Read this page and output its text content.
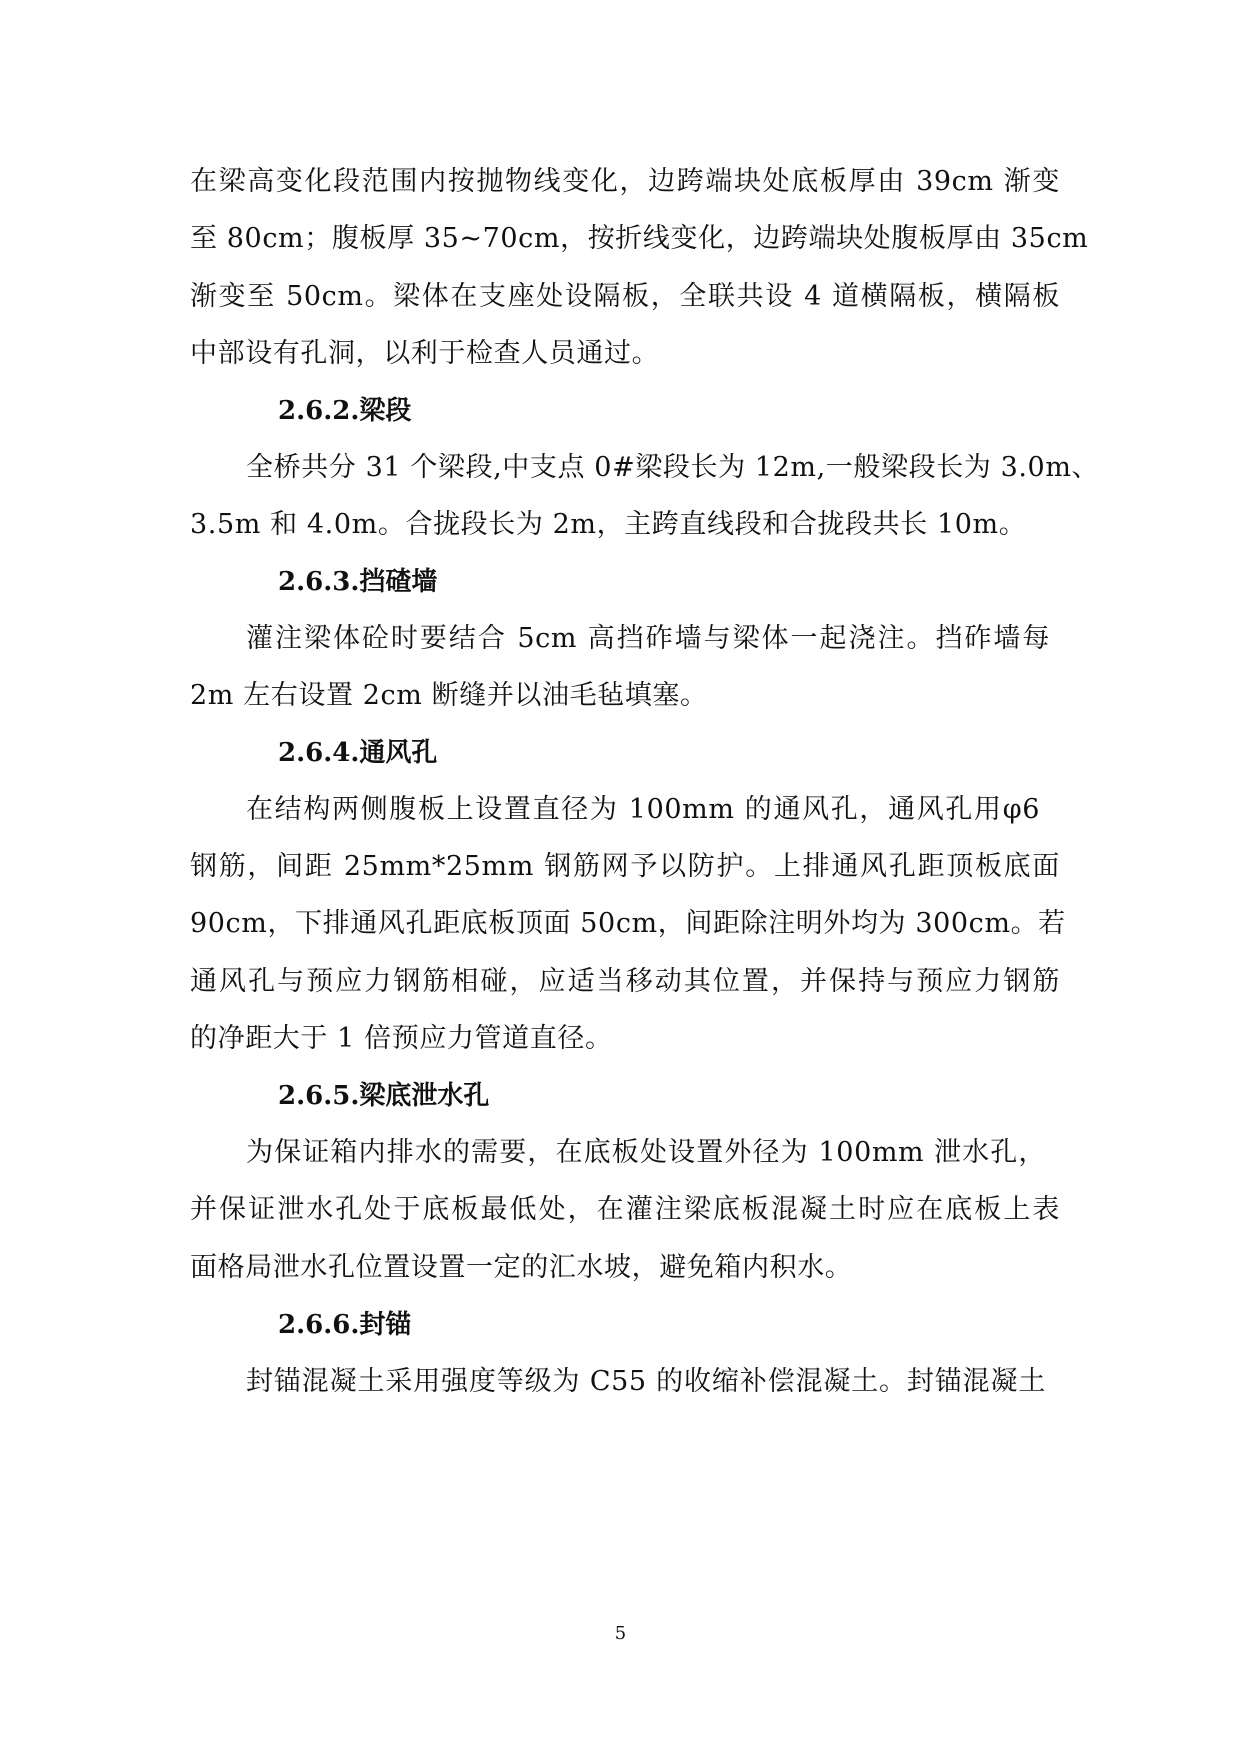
在梁高变化段范围内按抛物线变化，边跨端块处底板厚由 39cm 渐变
至 80cm；腹板厚 35~70cm，按折线变化，边跨端块处腹板厚由 35cm
渐变至 50cm。梁体在支座处设隔板，全联共设 4 道横隔板，横隔板
中部设有孔洞，以利于检查人员通过。
2.6.2.梁段
全桥共分 31 个梁段,中支点 0#梁段长为 12m,一般梁段长为 3.0m、
3.5m 和 4.0m。合拢段长为 2m，主跨直线段和合拢段共长 10m。
2.6.3.挡碴墙
灌注梁体砼时要结合 5cm 高挡砟墙与梁体一起浇注。挡砟墙每
2m 左右设置 2cm 断缝并以油毛毡填塞。
2.6.4.通风孔
在结构两侧腹板上设置直径为 100mm 的通风孔，通风孔用φ6
钢筋，间距 25mm*25mm 钢筋网予以防护。上排通风孔距顶板底面
90cm，下排通风孔距底板顶面 50cm，间距除注明外均为 300cm。若
通风孔与预应力钢筋相碰，应适当移动其位置，并保持与预应力钢筋
的净距大于 1 倍预应力管道直径。
2.6.5.梁底泄水孔
为保证箱内排水的需要，在底板处设置外径为 100mm 泄水孔，
并保证泄水孔处于底板最低处，在灌注梁底板混凝土时应在底板上表
面格局泄水孔位置设置一定的汇水坡，避免箱内积水。
2.6.6.封锚
封锚混凝土采用强度等级为 C55 的收缩补偿混凝土。封锚混凝土
5
